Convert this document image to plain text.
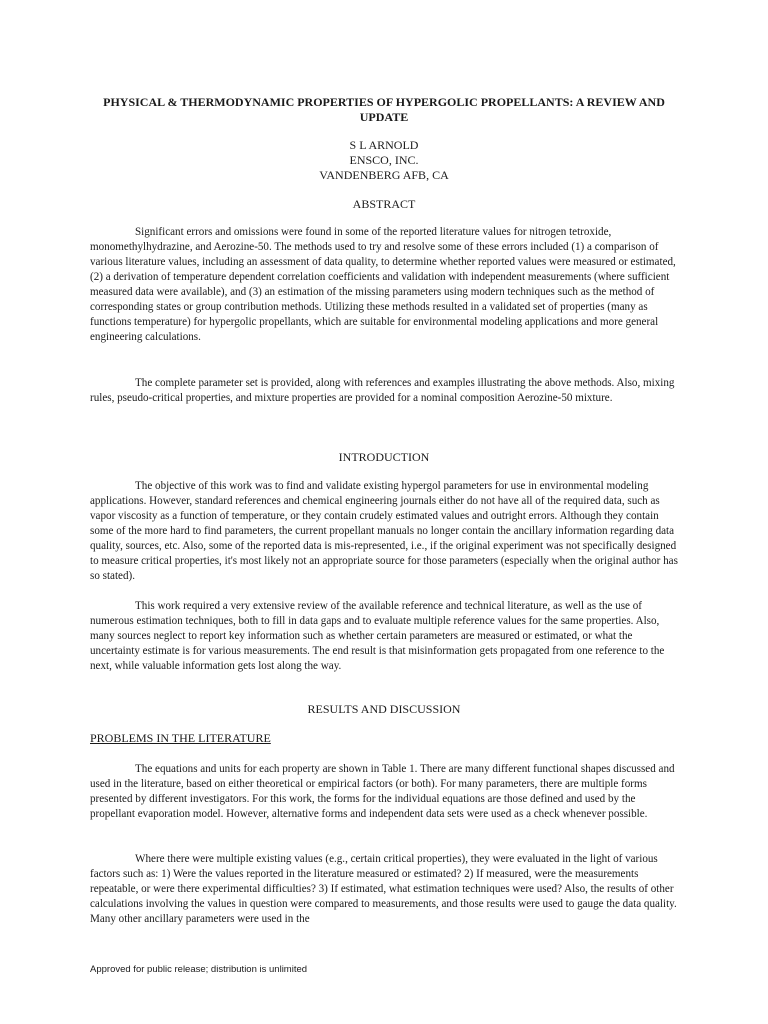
PHYSICAL & THERMODYNAMIC PROPERTIES OF HYPERGOLIC PROPELLANTS: A REVIEW AND UPDATE
S L ARNOLD
ENSCO, INC.
VANDENBERG AFB, CA
ABSTRACT

Significant errors and omissions were found in some of the reported literature values for nitrogen tetroxide, monomethylhydrazine, and Aerozine-50. The methods used to try and resolve some of these errors included (1) a comparison of various literature values, including an assessment of data quality, to determine whether reported values were measured or estimated, (2) a derivation of temperature dependent correlation coefficients and validation with independent measurements (where sufficient measured data were available), and (3) an estimation of the missing parameters using modern techniques such as the method of corresponding states or group contribution methods. Utilizing these methods resulted in a validated set of properties (many as functions temperature) for hypergolic propellants, which are suitable for environmental modeling applications and more general engineering calculations.

The complete parameter set is provided, along with references and examples illustrating the above methods. Also, mixing rules, pseudo-critical properties, and mixture properties are provided for a nominal composition Aerozine-50 mixture.

INTRODUCTION

The objective of this work was to find and validate existing hypergol parameters for use in environmental modeling applications. However, standard references and chemical engineering journals either do not have all of the required data, such as vapor viscosity as a function of temperature, or they contain crudely estimated values and outright errors. Although they contain some of the more hard to find parameters, the current propellant manuals no longer contain the ancillary information regarding data quality, sources, etc. Also, some of the reported data is mis-represented, i.e., if the original experiment was not specifically designed to measure critical properties, it's most likely not an appropriate source for those parameters (especially when the original author has so stated).

This work required a very extensive review of the available reference and technical literature, as well as the use of numerous estimation techniques, both to fill in data gaps and to evaluate multiple reference values for the same properties. Also, many sources neglect to report key information such as whether certain parameters are measured or estimated, or what the uncertainty estimate is for various measurements. The end result is that misinformation gets propagated from one reference to the next, while valuable information gets lost along the way.

RESULTS AND DISCUSSION
PROBLEMS IN THE LITERATURE

The equations and units for each property are shown in Table 1. There are many different functional shapes discussed and used in the literature, based on either theoretical or empirical factors (or both). For many parameters, there are multiple forms presented by different investigators. For this work, the forms for the individual equations are those defined and used by the propellant evaporation model. However, alternative forms and independent data sets were used as a check whenever possible.

Where there were multiple existing values (e.g., certain critical properties), they were evaluated in the light of various factors such as: 1) Were the values reported in the literature measured or estimated? 2) If measured, were the measurements repeatable, or were there experimental difficulties? 3) If estimated, what estimation techniques were used? Also, the results of other calculations involving the values in question were compared to measurements, and those results were used to gauge the data quality. Many other ancillary parameters were used in the

Approved for public release; distribution is unlimited
